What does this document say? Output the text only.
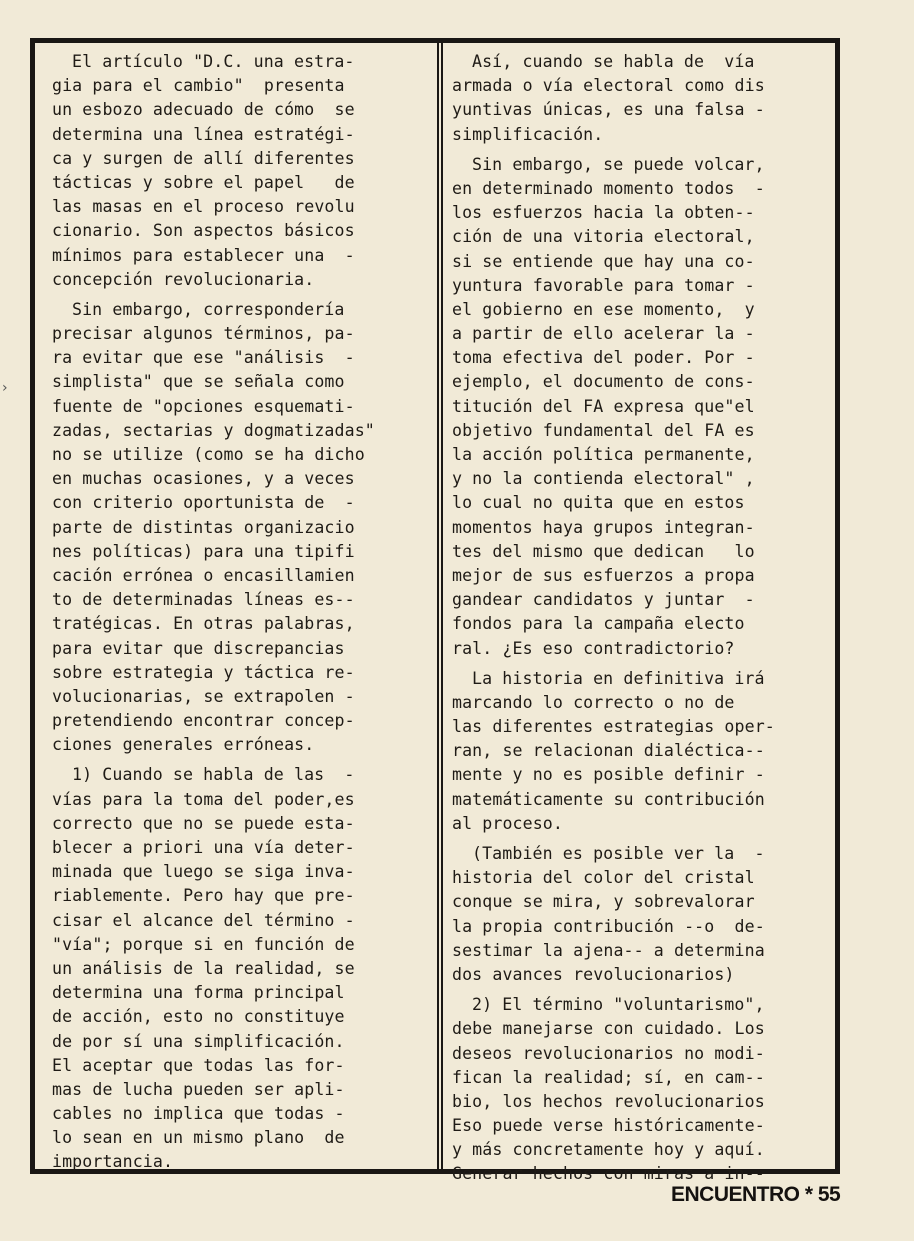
›
El artículo "D.C. una estra-
gia para el cambio"  presenta
un esbozo adecuado de cómo  se
determina una línea estratégi-
ca y surgen de allí diferentes
tácticas y sobre el papel   de
las masas en el proceso revolu
cionario. Son aspectos básicos
mínimos para establecer una  -
concepción revolucionaria.
Sin embargo, correspondería
precisar algunos términos, pa-
ra evitar que ese "análisis  -
simplista" que se señala como
fuente de "opciones esquemati-
zadas, sectarias y dogmatizadas"
no se utilize (como se ha dicho
en muchas ocasiones, y a veces
con criterio oportunista de  -
parte de distintas organizacio
nes políticas) para una tipifi
cación errónea o encasillamien
to de determinadas líneas es--
tratégicas. En otras palabras,
para evitar que discrepancias
sobre estrategia y táctica re-
volucionarias, se extrapolen -
pretendiendo encontrar concep-
ciones generales erróneas.
1) Cuando se habla de las  -
vías para la toma del poder,es
correcto que no se puede esta-
blecer a priori una vía deter-
minada que luego se siga inva-
riablemente. Pero hay que pre-
cisar el alcance del término -
"vía"; porque si en función de
un análisis de la realidad, se
determina una forma principal
de acción, esto no constituye
de por sí una simplificación.
El aceptar que todas las for-
mas de lucha pueden ser apli-
cables no implica que todas -
lo sean en un mismo plano  de
importancia.
Así, cuando se habla de  vía
armada o vía electoral como dis
yuntivas únicas, es una falsa -
simplificación.
Sin embargo, se puede volcar,
en determinado momento todos  -
los esfuerzos hacia la obten--
ción de una vitoria electoral,
si se entiende que hay una co-
yuntura favorable para tomar -
el gobierno en ese momento,  y
a partir de ello acelerar la -
toma efectiva del poder. Por -
ejemplo, el documento de cons-
titución del FA expresa que"el
objetivo fundamental del FA es
la acción política permanente,
y no la contienda electoral" ,
lo cual no quita que en estos
momentos haya grupos integran-
tes del mismo que dedican   lo
mejor de sus esfuerzos a propa
gandear candidatos y juntar  -
fondos para la campaña electo
ral. ¿Es eso contradictorio?
La historia en definitiva irá
marcando lo correcto o no de
las diferentes estrategias oper-
ran, se relacionan dialéctica--
mente y no es posible definir -
matemáticamente su contribución
al proceso.
(También es posible ver la  -
historia del color del cristal
conque se mira, y sobrevalorar
la propia contribución --o  de-
sestimar la ajena-- a determina
dos avances revolucionarios)
2) El término "voluntarismo",
debe manejarse con cuidado. Los
deseos revolucionarios no modi-
fican la realidad; sí, en cam--
bio, los hechos revolucionarios
Eso puede verse históricamente-
y más concretamente hoy y aquí.
Generar hechos con miras a in--
ENCUENTRO * 55
